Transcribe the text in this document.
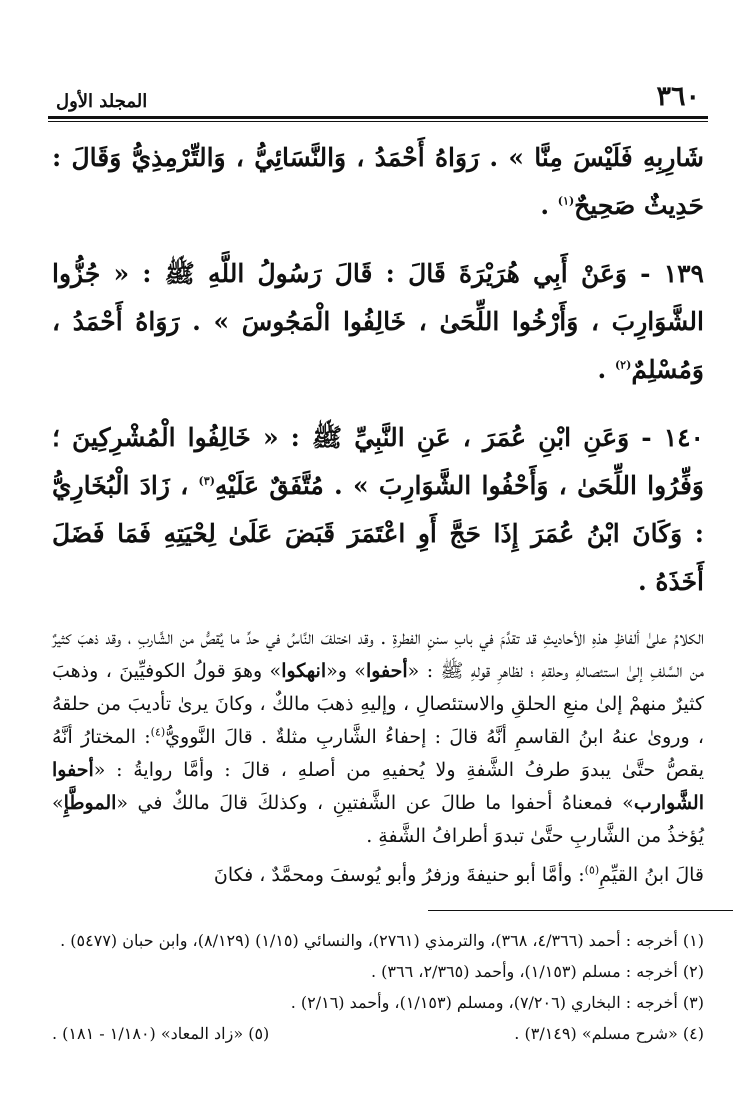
٣٦٠
المجلد الأول

شَارِبِهِ فَلَيْسَ مِنَّا » . رَوَاهُ أَحْمَدُ ، وَالنَّسَائِيُّ ، وَالتِّرْمِذِيُّ وَقَالَ : حَدِيثٌ صَحِيحٌ$^{(١)}$ .

١٣٩ - وَعَنْ أَبِي هُرَيْرَةَ قَالَ : قَالَ رَسُولُ اللَّهِ ﷺ : « جُزُّوا الشَّوَارِبَ ، وَأَرْخُوا اللِّحَىٰ ، خَالِفُوا الْمَجُوسَ » . رَوَاهُ أَحْمَدُ ، وَمُسْلِمٌ$^{(٢)}$ .

١٤٠ - وَعَنِ ابْنِ عُمَرَ ، عَنِ النَّبِيِّ ﷺ : « خَالِفُوا الْمُشْرِكِينَ ؛ وَفِّرُوا اللِّحَىٰ ، وَأَحْفُوا الشَّوَارِبَ » . مُتَّفَقٌ عَلَيْهِ$^{(٣)}$ ، زَادَ الْبُخَارِيُّ : وَكَانَ ابْنُ عُمَرَ إِذَا حَجَّ أَوِ اعْتَمَرَ قَبَضَ عَلَىٰ لِحْيَتِهِ فَمَا فَضَلَ أَخَذَهُ .

الكلامُ علىٰ ألفاظِ هذهِ الأحاديثِ قد تقدَّمَ في بابِ سننِ الفطرةِ . وقد اختلفَ النَّاسُ في حدِّ ما يُقصُّ من الشَّاربِ ، وقد ذهبَ كثيرٌ من السَّلفِ إلىٰ استئصالهِ وحلقهِ ؛ لظاهرِ قولهِ ﷺ : «أحفوا» و«انهكوا» وهوَ قولُ الكوفيِّينَ ، وذهبَ كثيرٌ منهمْ إلىٰ منعِ الحلقِ والاستئصالِ ، وإليهِ ذهبَ مالكٌ ، وكانَ يرىٰ تأديبَ من حلقهُ ، وروىٰ عنهُ ابنُ القاسمِ أنَّهُ قالَ : إحفاءُ الشَّاربِ مثلةٌ . قالَ النَّوويُّ$^{(٤)}$: المختارُ أنَّهُ يقصُّ حتَّىٰ يبدوَ طرفُ الشَّفةِ ولا يُحفيهِ من أصلهِ ، قالَ : وأمَّا روايةُ : «أحفوا الشَّوارب» فمعناهُ أحفوا ما طالَ عن الشَّفتينِ ، وكذلكَ قالَ مالكٌ في «الموطَّإِ» يُؤخذُ من الشَّاربِ حتَّىٰ تبدوَ أطرافُ الشَّفةِ .

قالَ ابنُ القيِّمِ$^{(٥)}$: وأمَّا أبو حنيفةَ وزفرُ وأبو يُوسفَ ومحمَّدٌ ، فكانَ

(١) أخرجه : أحمد (٤/٣٦٦، ٣٦٨)، والترمذي (٢٧٦١)، والنسائي (١/١٥) (٨/١٢٩)، وابن حبان (٥٤٧٧) .

(٢) أخرجه : مسلم (١/١٥٣)، وأحمد (٢/٣٦٥، ٣٦٦) .

(٣) أخرجه : البخاري (٧/٢٠٦)، ومسلم (١/١٥٣)، وأحمد (٢/١٦) .

(٤) «شرح مسلم» (٣/١٤٩) .
(٥) «زاد المعاد» (١/١٨٠ - ١٨١) .
